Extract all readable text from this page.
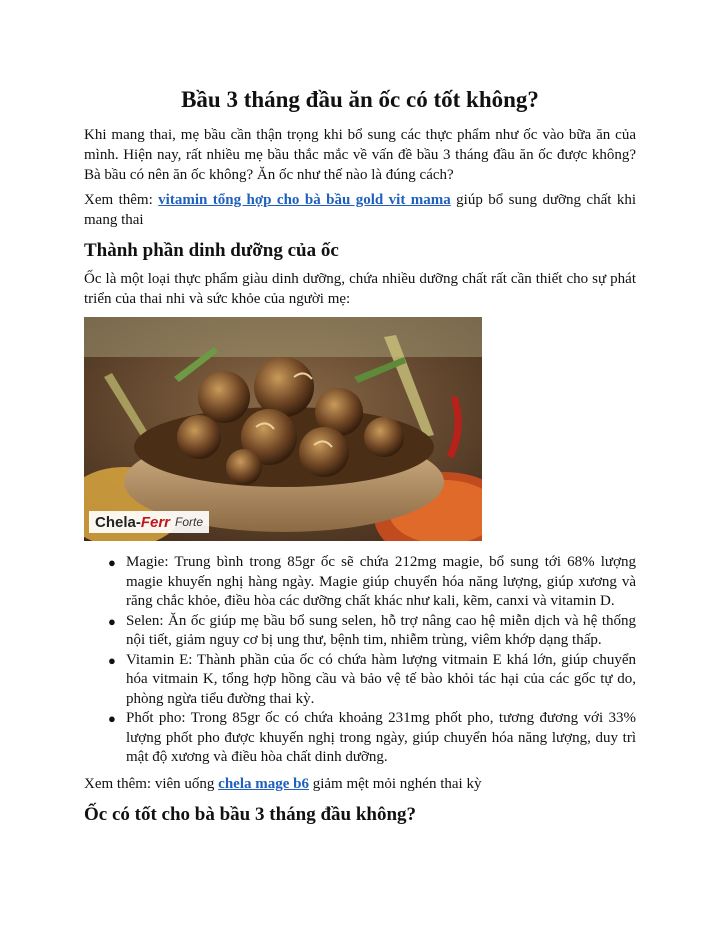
Bầu 3 tháng đầu ăn ốc có tốt không?

Khi mang thai, mẹ bầu cần thận trọng khi bổ sung các thực phẩm như ốc vào bữa ăn của mình. Hiện nay, rất nhiều mẹ bầu thắc mắc về vấn đề bầu 3 tháng đầu ăn ốc được không? Bà bầu có nên ăn ốc không? Ăn ốc như thế nào là đúng cách?

Xem thêm: vitamin tổng hợp cho bà bầu gold vit mama giúp bổ sung dưỡng chất khi mang thai

Thành phần dinh dưỡng của ốc

Ốc là một loại thực phẩm giàu dinh dưỡng, chứa nhiều dưỡng chất rất cần thiết cho sự phát triển của thai nhi và sức khỏe của người mẹ:

Chela- Ferr Forte
● Magie: Trung bình trong 85gr ốc sẽ chứa 212mg magie, bổ sung tới 68% lượng magie khuyến nghị hàng ngày. Magie giúp chuyển hóa năng lượng, giúp xương và răng chắc khỏe, điều hòa các dưỡng chất khác như kali, kẽm, canxi và vitamin D.
● Selen: Ăn ốc giúp mẹ bầu bổ sung selen, hỗ trợ nâng cao hệ miễn dịch và hệ thống nội tiết, giảm nguy cơ bị ung thư, bệnh tim, nhiễm trùng, viêm khớp dạng thấp.
● Vitamin E: Thành phần của ốc có chứa hàm lượng vitmain E khá lớn, giúp chuyển hóa vitmain K, tổng hợp hồng cầu và bảo vệ tế bào khỏi tác hại của các gốc tự do, phòng ngừa tiểu đường thai kỳ.
● Phốt pho: Trong 85gr ốc có chứa khoảng 231mg phốt pho, tương đương với 33% lượng phốt pho được khuyến nghị trong ngày, giúp chuyển hóa năng lượng, duy trì mật độ xương và điều hòa chất dinh dưỡng.

Xem thêm: viên uống chela mage b6 giảm mệt mỏi nghén thai kỳ

Ốc có tốt cho bà bầu 3 tháng đầu không?
